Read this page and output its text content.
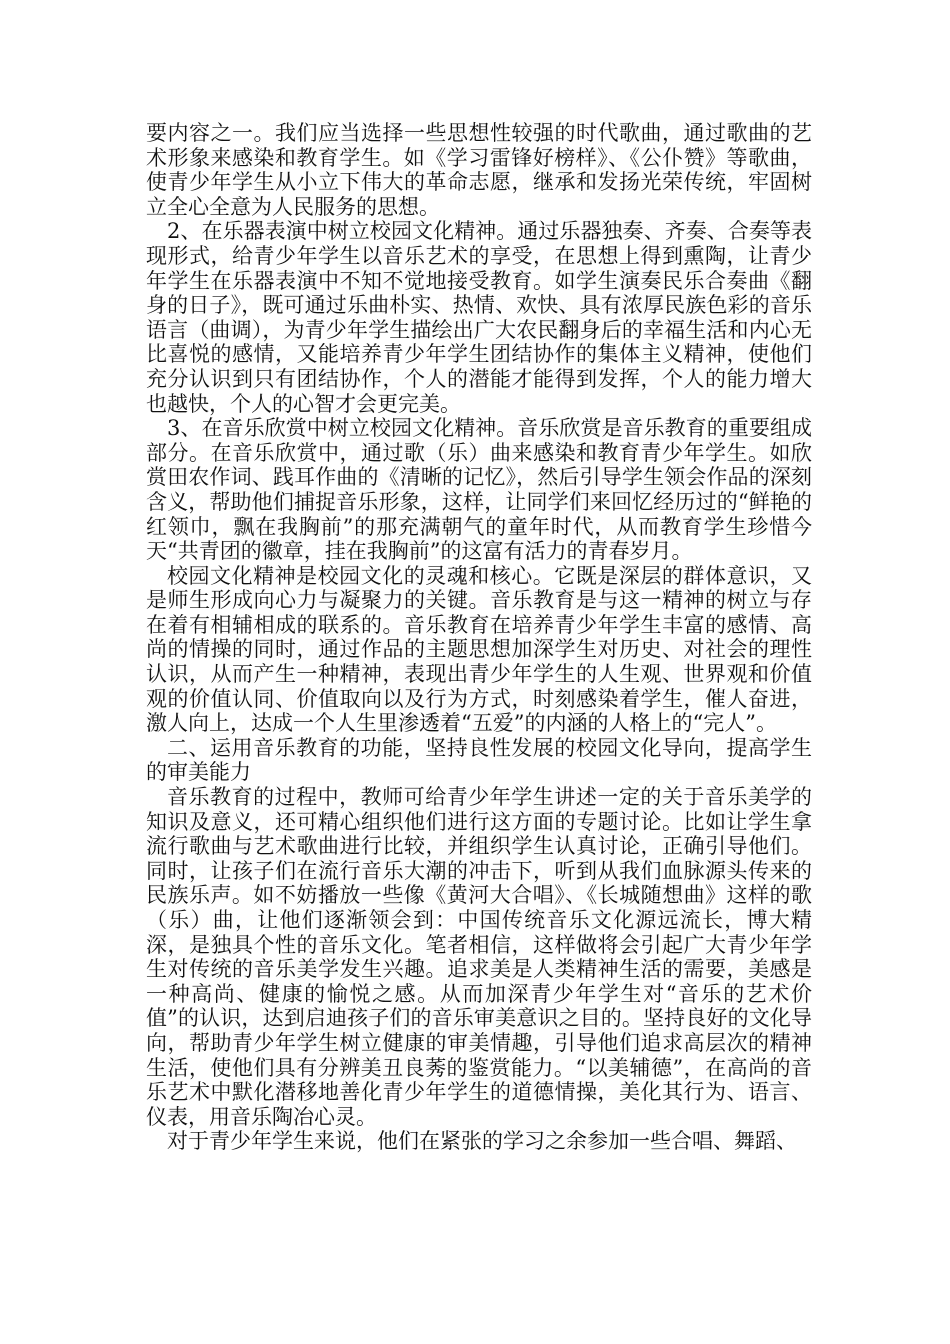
要内容之一。我们应当选择一些思想性较强的时代歌曲，通过歌曲的艺术形象来感染和教育学生。如《学习雷锋好榜样》、《公仆赞》等歌曲，使青少年学生从小立下伟大的革命志愿，继承和发扬光荣传统，牢固树立全心全意为人民服务的思想。

2、在乐器表演中树立校园文化精神。通过乐器独奏、齐奏、合奏等表现形式，给青少年学生以音乐艺术的享受，在思想上得到熏陶，让青少年学生在乐器表演中不知不觉地接受教育。如学生演奏民乐合奏曲《翻身的日子》，既可通过乐曲朴实、热情、欢快、具有浓厚民族色彩的音乐语言（曲调），为青少年学生描绘出广大农民翻身后的幸福生活和内心无比喜悦的感情，又能培养青少年学生团结协作的集体主义精神，使他们充分认识到只有团结协作，个人的潜能才能得到发挥，个人的能力增大也越快，个人的心智才会更完美。

3、在音乐欣赏中树立校园文化精神。音乐欣赏是音乐教育的重要组成部分。在音乐欣赏中，通过歌（乐）曲来感染和教育青少年学生。如欣赏田农作词、践耳作曲的《清晰的记忆》，然后引导学生领会作品的深刻含义，帮助他们捕捉音乐形象，这样，让同学们来回忆经历过的“鲜艳的红领巾，飘在我胸前”的那充满朝气的童年时代，从而教育学生珍惜今天“共青团的徽章，挂在我胸前”的这富有活力的青春岁月。

校园文化精神是校园文化的灵魂和核心。它既是深层的群体意识，又是师生形成向心力与凝聚力的关键。音乐教育是与这一精神的树立与存在着有相辅相成的联系的。音乐教育在培养青少年学生丰富的感情、高尚的情操的同时，通过作品的主题思想加深学生对历史、对社会的理性认识，从而产生一种精神，表现出青少年学生的人生观、世界观和价值观的价值认同、价值取向以及行为方式，时刻感染着学生，催人奋进，激人向上，达成一个人生里渗透着“五爱”的内涵的人格上的“完人”。

二、运用音乐教育的功能，坚持良性发展的校园文化导向，提高学生的审美能力

音乐教育的过程中，教师可给青少年学生讲述一定的关于音乐美学的知识及意义，还可精心组织他们进行这方面的专题讨论。比如让学生拿流行歌曲与艺术歌曲进行比较，并组织学生认真讨论，正确引导他们。同时，让孩子们在流行音乐大潮的冲击下，听到从我们血脉源头传来的民族乐声。如不妨播放一些像《黄河大合唱》、《长城随想曲》这样的歌（乐）曲，让他们逐渐领会到：中国传统音乐文化源远流长，博大精深，是独具个性的音乐文化。笔者相信，这样做将会引起广大青少年学生对传统的音乐美学发生兴趣。追求美是人类精神生活的需要，美感是一种高尚、健康的愉悦之感。从而加深青少年学生对“音乐的艺术价值”的认识，达到启迪孩子们的音乐审美意识之目的。坚持良好的文化导向，帮助青少年学生树立健康的审美情趣，引导他们追求高层次的精神生活，使他们具有分辨美丑良莠的鉴赏能力。“以美辅德”，在高尚的音乐艺术中默化潜移地善化青少年学生的道德情操，美化其行为、语言、仪表，用音乐陶冶心灵。

对于青少年学生来说，他们在紧张的学习之余参加一些合唱、舞蹈、
